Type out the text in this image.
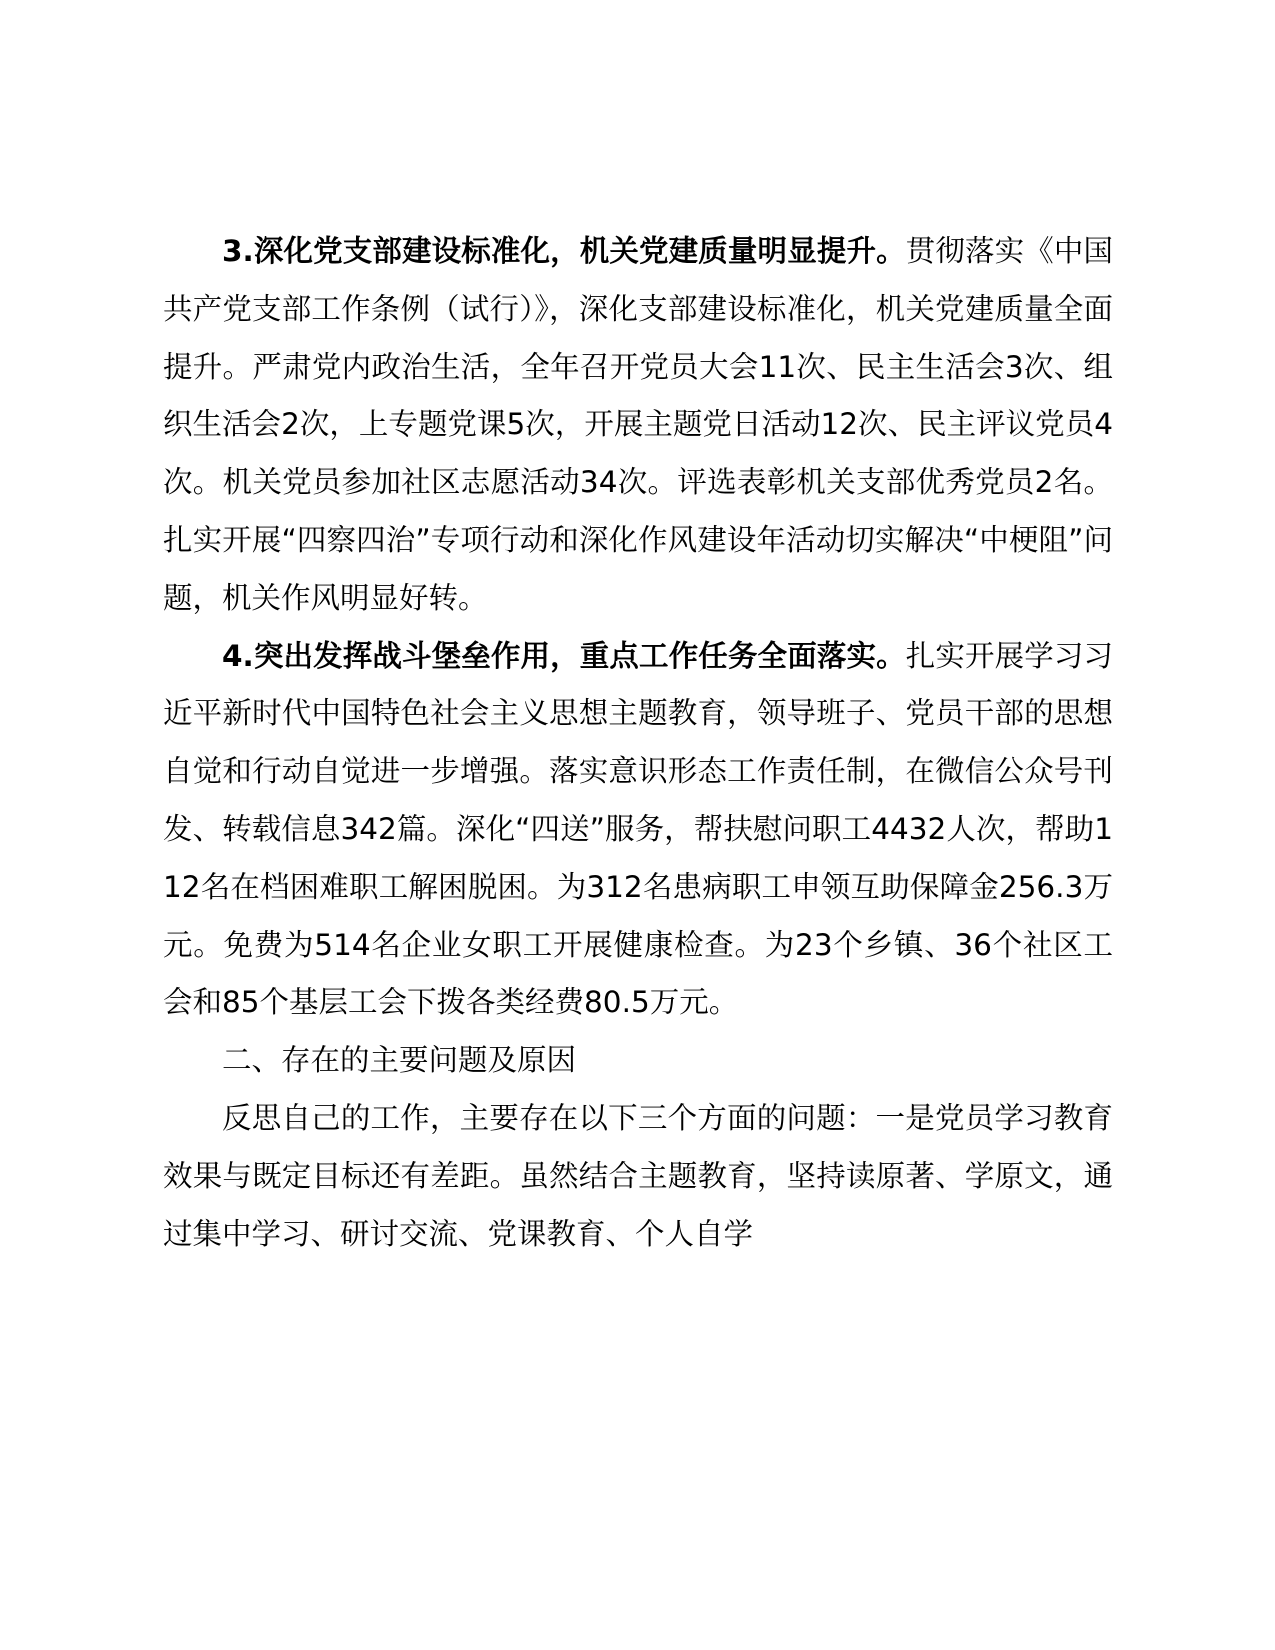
3.深化党支部建设标准化，机关党建质量明显提升。贯彻落实《中国共产党支部工作条例（试行）》，深化支部建设标准化，机关党建质量全面提升。严肃党内政治生活，全年召开党员大会11次、民主生活会3次、组织生活会2次，上专题党课5次，开展主题党日活动12次、民主评议党员4次。机关党员参加社区志愿活动34次。评选表彰机关支部优秀党员2名。扎实开展“四察四治”专项行动和深化作风建设年活动切实解决“中梗阻”问题，机关作风明显好转。

4.突出发挥战斗堡垒作用，重点工作任务全面落实。扎实开展学习习近平新时代中国特色社会主义思想主题教育，领导班子、党员干部的思想自觉和行动自觉进一步增强。落实意识形态工作责任制，在微信公众号刊发、转载信息342篇。深化“四送”服务，帮扶慰问职工4432人次，帮助112名在档困难职工解困脱困。为312名患病职工申领互助保障金256.3万元。免费为514名企业女职工开展健康检查。为23个乡镇、36个社区工会和85个基层工会下拨各类经费80.5万元。

二、存在的主要问题及原因

反思自己的工作，主要存在以下三个方面的问题：一是党员学习教育效果与既定目标还有差距。虽然结合主题教育，坚持读原著、学原文，通过集中学习、研讨交流、党课教育、个人自学
